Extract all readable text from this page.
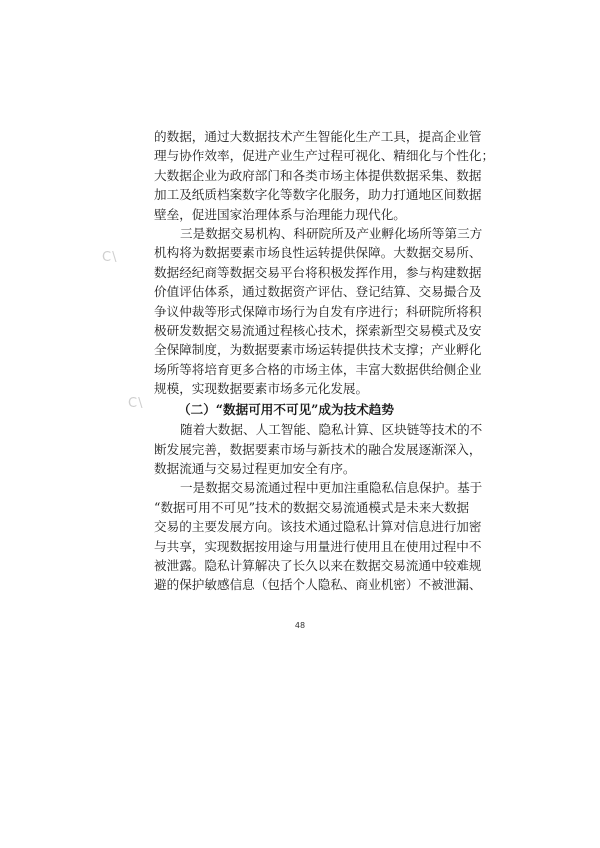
C\
C\
的数据，通过大数据技术产生智能化生产工具，提高企业管
理与协作效率，促进产业生产过程可视化、精细化与个性化；
大数据企业为政府部门和各类市场主体提供数据采集、数据
加工及纸质档案数字化等数字化服务，助力打通地区间数据
壁垒，促进国家治理体系与治理能力现代化。
三是数据交易机构、科研院所及产业孵化场所等第三方
机构将为数据要素市场良性运转提供保障。大数据交易所、
数据经纪商等数据交易平台将积极发挥作用，参与构建数据
价值评估体系，通过数据资产评估、登记结算、交易撮合及
争议仲裁等形式保障市场行为自发有序进行；科研院所将积
极研发数据交易流通过程核心技术，探索新型交易模式及安
全保障制度，为数据要素市场运转提供技术支撑；产业孵化
场所等将培育更多合格的市场主体，丰富大数据供给侧企业
规模，实现数据要素市场多元化发展。
（二）“数据可用不可见”成为技术趋势
随着大数据、人工智能、隐私计算、区块链等技术的不
断发展完善，数据要素市场与新技术的融合发展逐渐深入，
数据流通与交易过程更加安全有序。
一是数据交易流通过程中更加注重隐私信息保护。基于
“数据可用不可见”技术的数据交易流通模式是未来大数据
交易的主要发展方向。该技术通过隐私计算对信息进行加密
与共享，实现数据按用途与用量进行使用且在使用过程中不
被泄露。隐私计算解决了长久以来在数据交易流通中较难规
避的保护敏感信息（包括个人隐私、商业机密）不被泄漏、
48
